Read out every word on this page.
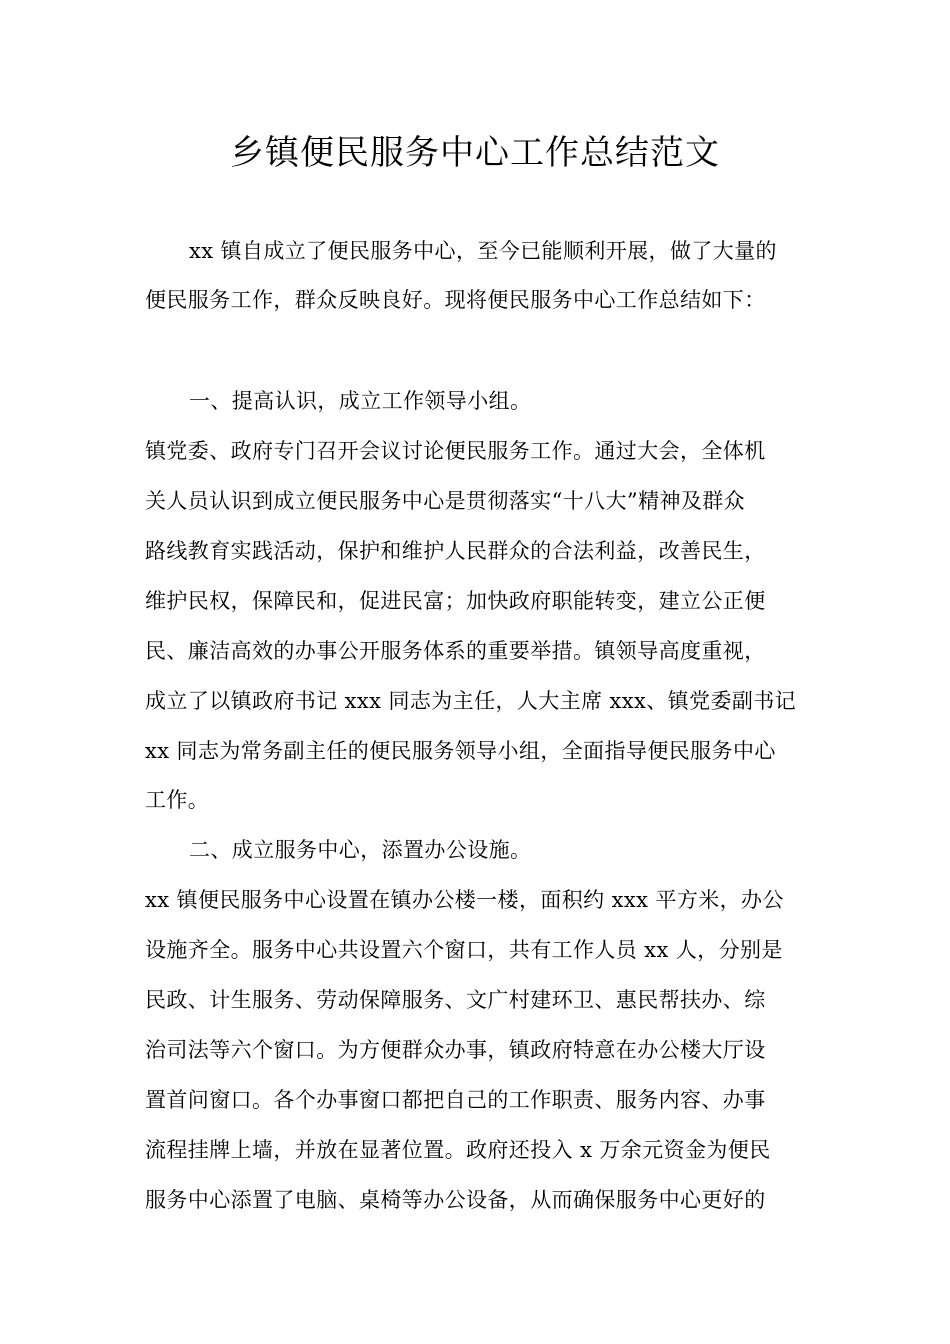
乡镇便民服务中心工作总结范文
xx 镇自成立了便民服务中心，至今已能顺利开展，做了大量的
便民服务工作，群众反映良好。现将便民服务中心工作总结如下：
一、提高认识，成立工作领导小组。
镇党委、政府专门召开会议讨论便民服务工作。通过大会，全体机
关人员认识到成立便民服务中心是贯彻落实“十八大”精神及群众
路线教育实践活动，保护和维护人民群众的合法利益，改善民生，
维护民权，保障民和，促进民富；加快政府职能转变，建立公正便
民、廉洁高效的办事公开服务体系的重要举措。镇领导高度重视，
成立了以镇政府书记 xxx 同志为主任，人大主席 xxx、镇党委副书记
xx 同志为常务副主任的便民服务领导小组，全面指导便民服务中心
工作。
二、成立服务中心，添置办公设施。
xx 镇便民服务中心设置在镇办公楼一楼，面积约 xxx 平方米，办公
设施齐全。服务中心共设置六个窗口，共有工作人员 xx 人，分别是
民政、计生服务、劳动保障服务、文广村建环卫、惠民帮扶办、综
治司法等六个窗口。为方便群众办事，镇政府特意在办公楼大厅设
置首问窗口。各个办事窗口都把自己的工作职责、服务内容、办事
流程挂牌上墙，并放在显著位置。政府还投入 x 万余元资金为便民
服务中心添置了电脑、桌椅等办公设备，从而确保服务中心更好的
